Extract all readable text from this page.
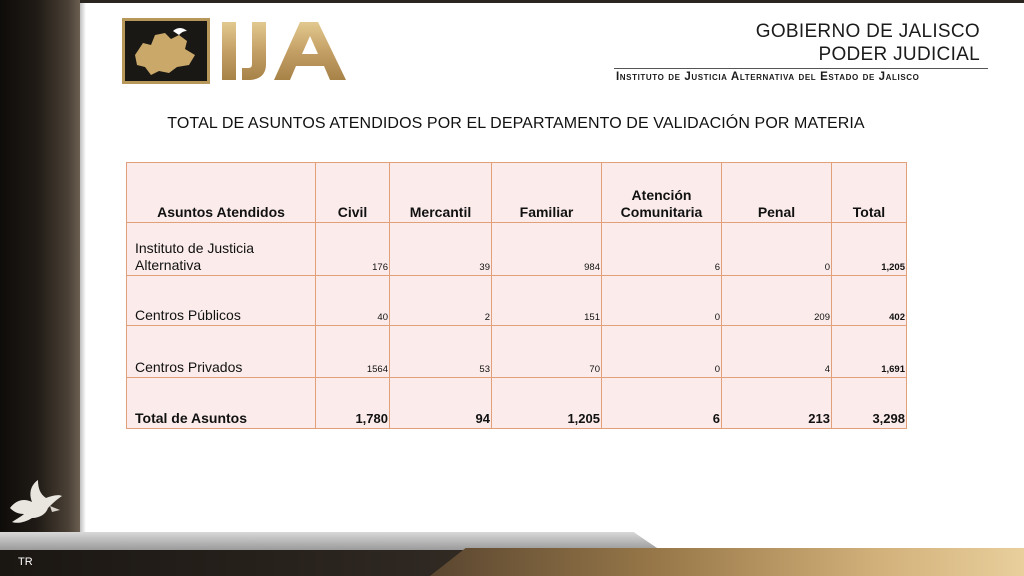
TR
GOBIERNO DE JALISCO
PODER JUDICIAL
Instituto de Justicia Alternativa del Estado de Jalisco
TOTAL DE ASUNTOS ATENDIDOS POR EL DEPARTAMENTO DE VALIDACIÓN POR MATERIA
Asuntos Atendidos	Civil	Mercantil	Familiar	Atención Comunitaria	Penal	Total
Instituto de Justicia Alternativa	176	39	984	6	0	1,205
Centros Públicos	40	2	151	0	209	402
Centros Privados	1564	53	70	0	4	1,691
Total de Asuntos	1,780	94	1,205	6	213	3,298
